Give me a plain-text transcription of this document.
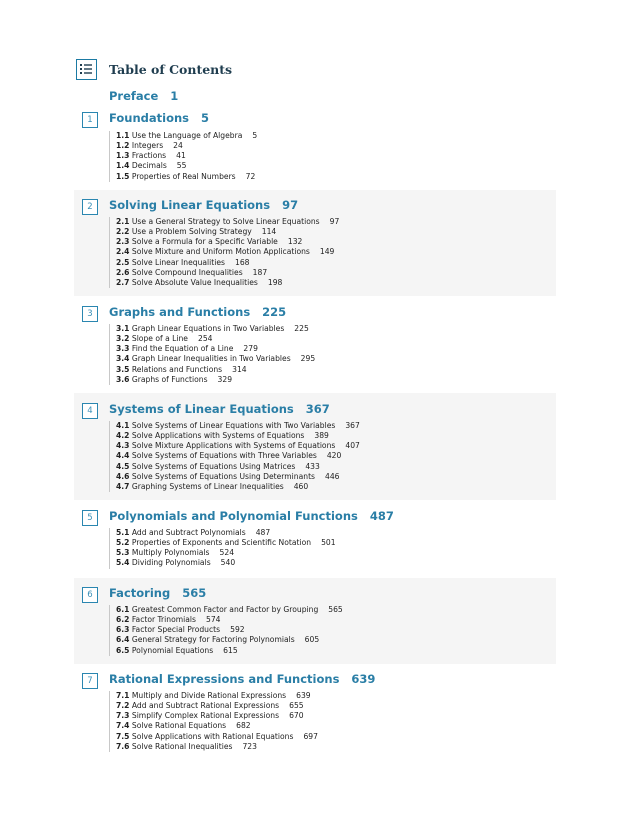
Table of Contents
Preface 1
1	Foundations 5
1.1 Use the Language of Algebra 5
1.2 Integers 24
1.3 Fractions 41
1.4 Decimals 55
1.5 Properties of Real Numbers 72
2	Solving Linear Equations 97
2.1 Use a General Strategy to Solve Linear Equations 97
2.2 Use a Problem Solving Strategy 114
2.3 Solve a Formula for a Specific Variable 132
2.4 Solve Mixture and Uniform Motion Applications 149
2.5 Solve Linear Inequalities 168
2.6 Solve Compound Inequalities 187
2.7 Solve Absolute Value Inequalities 198
3	Graphs and Functions 225
3.1 Graph Linear Equations in Two Variables 225
3.2 Slope of a Line 254
3.3 Find the Equation of a Line 279
3.4 Graph Linear Inequalities in Two Variables 295
3.5 Relations and Functions 314
3.6 Graphs of Functions 329
4	Systems of Linear Equations 367
4.1 Solve Systems of Linear Equations with Two Variables 367
4.2 Solve Applications with Systems of Equations 389
4.3 Solve Mixture Applications with Systems of Equations 407
4.4 Solve Systems of Equations with Three Variables 420
4.5 Solve Systems of Equations Using Matrices 433
4.6 Solve Systems of Equations Using Determinants 446
4.7 Graphing Systems of Linear Inequalities 460
5	Polynomials and Polynomial Functions 487
5.1 Add and Subtract Polynomials 487
5.2 Properties of Exponents and Scientific Notation 501
5.3 Multiply Polynomials 524
5.4 Dividing Polynomials 540
6	Factoring 565
6.1 Greatest Common Factor and Factor by Grouping 565
6.2 Factor Trinomials 574
6.3 Factor Special Products 592
6.4 General Strategy for Factoring Polynomials 605
6.5 Polynomial Equations 615
7	Rational Expressions and Functions 639
7.1 Multiply and Divide Rational Expressions 639
7.2 Add and Subtract Rational Expressions 655
7.3 Simplify Complex Rational Expressions 670
7.4 Solve Rational Equations 682
7.5 Solve Applications with Rational Equations 697
7.6 Solve Rational Inequalities 723
